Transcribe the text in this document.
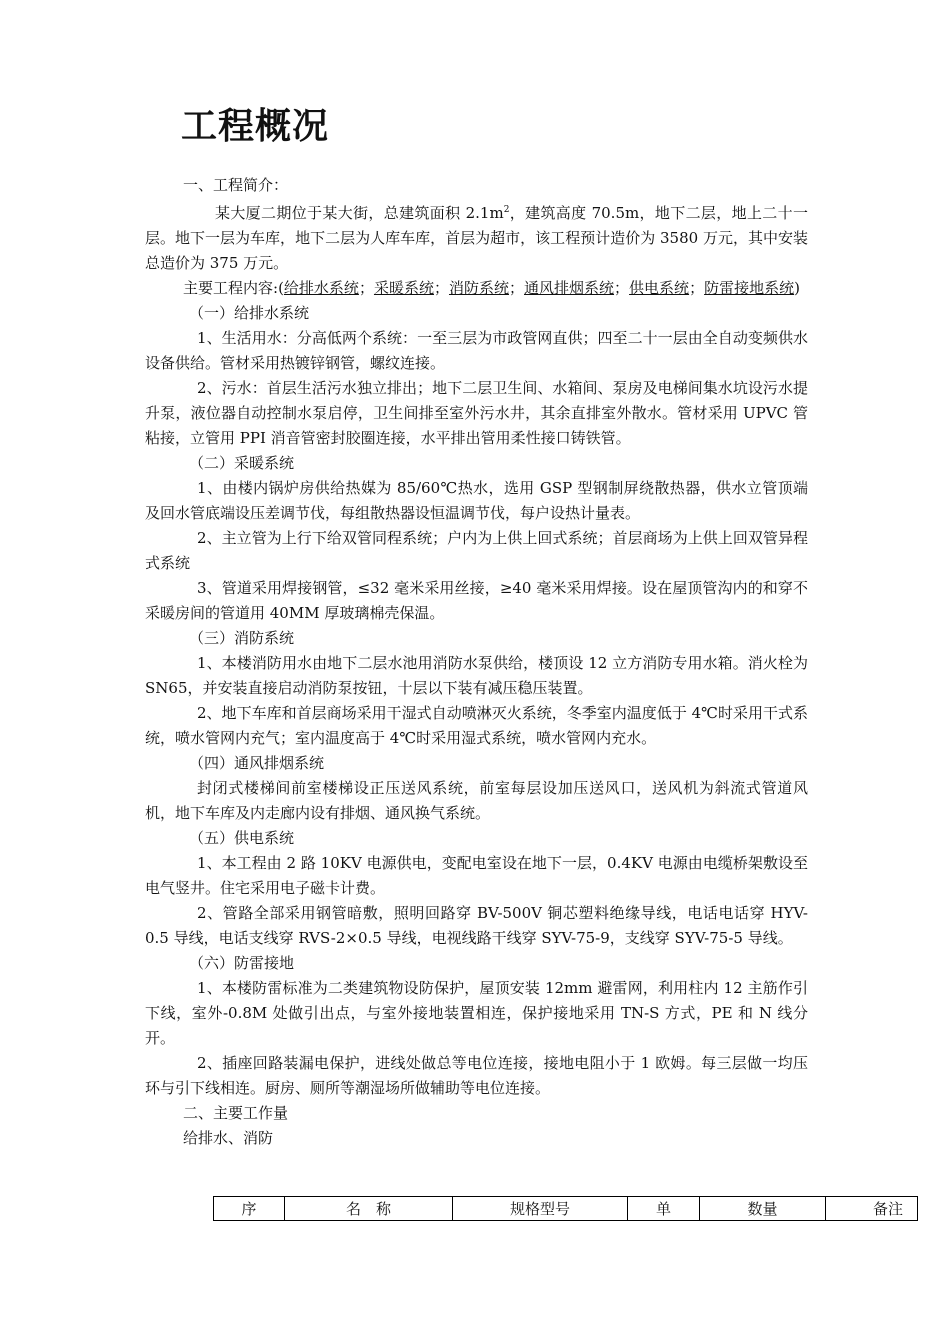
工程概况

一、工程简介：

某大厦二期位于某大街，总建筑面积 $2.1m^2$，建筑高度 70.5m，地下二层，地上二十一层。地下一层为车库，地下二层为人库车库，首层为超市，该工程预计造价为 3580 万元，其中安装总造价为 375 万元。

主要工程内容:(给排水系统；采暖系统；消防系统；通风排烟系统；供电系统；防雷接地系统)

（一）给排水系统

1、生活用水：分高低两个系统：一至三层为市政管网直供；四至二十一层由全自动变频供水设备供给。管材采用热镀锌钢管，螺纹连接。

2、污水：首层生活污水独立排出；地下二层卫生间、水箱间、泵房及电梯间集水坑设污水提升泵，液位器自动控制水泵启停，卫生间排至室外污水井，其余直排室外散水。管材采用 UPVC 管粘接，立管用 PPI 消音管密封胶圈连接，水平排出管用柔性接口铸铁管。

（二）采暖系统

1、由楼内锅炉房供给热媒为 85/60℃热水，选用 GSP 型钢制屏绕散热器，供水立管顶端及回水管底端设压差调节伐，每组散热器设恒温调节伐，每户设热计量表。

2、主立管为上行下给双管同程系统；户内为上供上回式系统；首层商场为上供上回双管异程式系统

3、管道采用焊接钢管，≤32 毫米采用丝接，≥40 毫米采用焊接。设在屋顶管沟内的和穿不采暖房间的管道用 40MM 厚玻璃棉壳保温。

（三）消防系统

1、本楼消防用水由地下二层水池用消防水泵供给，楼顶设 12 立方消防专用水箱。消火栓为 SN65，并安装直接启动消防泵按钮，十层以下装有减压稳压装置。

2、地下车库和首层商场采用干湿式自动喷淋灭火系统，冬季室内温度低于 4℃时采用干式系统，喷水管网内充气；室内温度高于 4℃时采用湿式系统，喷水管网内充水。

（四）通风排烟系统

封闭式楼梯间前室楼梯设正压送风系统，前室每层设加压送风口，送风机为斜流式管道风机，地下车库及内走廊内设有排烟、通风换气系统。

（五）供电系统

1、本工程由 2 路 10KV 电源供电，变配电室设在地下一层，0.4KV 电源由电缆桥架敷设至电气竖井。住宅采用电子磁卡计费。

2、管路全部采用钢管暗敷，照明回路穿 BV-500V 铜芯塑料绝缘导线，电话电话穿 HYV-0.5 导线，电话支线穿 RVS-2×0.5 导线，电视线路干线穿 SYV-75-9，支线穿 SYV-75-5 导线。

（六）防雷接地

1、本楼防雷标准为二类建筑物设防保护，屋顶安装 12mm 避雷网，利用柱内 12 主筋作引下线，室外-0.8M 处做引出点，与室外接地装置相连，保护接地采用 TN-S 方式，PE 和 N 线分开。

2、插座回路装漏电保护，进线处做总等电位连接，接地电阻小于 1 欧姆。每三层做一均压环与引下线相连。厨房、厕所等潮湿场所做辅助等电位连接。

二、主要工作量

给排水、消防

序	名　称	规格型号	单	数量	备注
